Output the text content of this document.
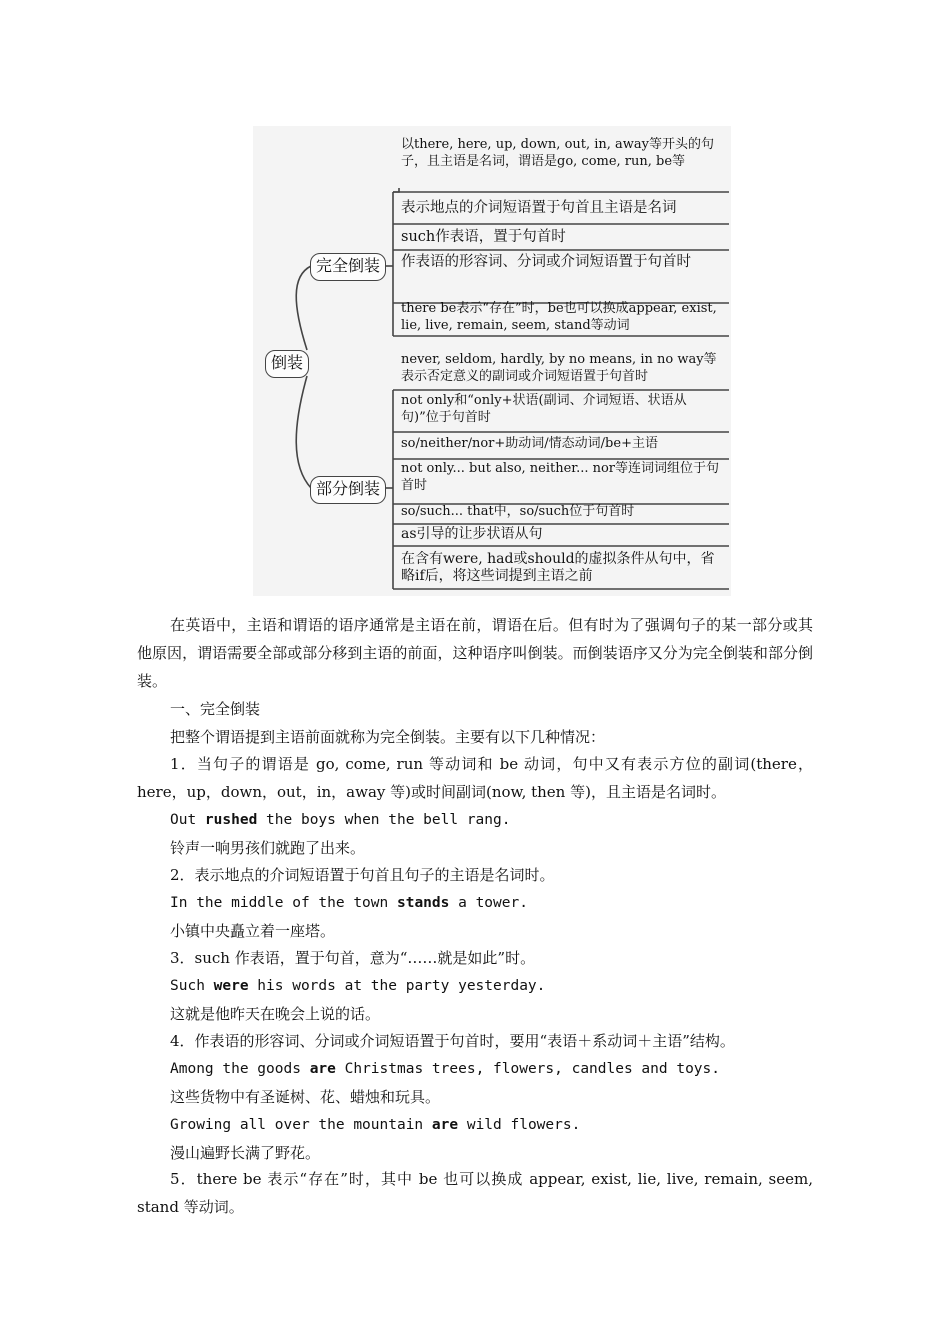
倒装
完全倒装
部分倒装
以there, here, up, down, out, in, away等开头的句子，且主语是名词，谓语是go, come, run, be等
表示地点的介词短语置于句首且主语是名词
such作表语，置于句首时
作表语的形容词、分词或介词短语置于句首时
there be表示“存在”时，be也可以换成appear, exist, lie, live, remain, seem, stand等动词
never, seldom, hardly, by no means, in no way等表示否定意义的副词或介词短语置于句首时
not only和“only+状语(副词、介词短语、状语从句)”位于句首时
so/neither/nor+助动词/情态动词/be+主语
not only... but also, neither... nor等连词词组位于句首时
so/such... that中，so/such位于句首时
as引导的让步状语从句
在含有were, had或should的虚拟条件从句中，省略if后，将这些词提到主语之前
在英语中，主语和谓语的语序通常是主语在前，谓语在后。但有时为了强调句子的某一部分或其他原因，谓语需要全部或部分移到主语的前面，这种语序叫倒装。而倒装语序又分为完全倒装和部分倒装。
一、完全倒装
把整个谓语提到主语前面就称为完全倒装。主要有以下几种情况：
1．当句子的谓语是 go, come, run 等动词和 be 动词，句中又有表示方位的副词(there，here，up，down，out，in，away 等)或时间副词(now, then 等)，且主语是名词时。
Out rushed the boys when the bell rang.
铃声一响男孩们就跑了出来。
2．表示地点的介词短语置于句首且句子的主语是名词时。
In the middle of the town stands a tower.
小镇中央矗立着一座塔。
3．such 作表语，置于句首，意为“……就是如此”时。
Such were his words at the party yesterday.
这就是他昨天在晚会上说的话。
4．作表语的形容词、分词或介词短语置于句首时，要用“表语＋系动词＋主语”结构。
Among the goods are Christmas trees, flowers, candles and toys.
这些货物中有圣诞树、花、蜡烛和玩具。
Growing all over the mountain are wild flowers.
漫山遍野长满了野花。
5．there be 表示“存在”时，其中 be 也可以换成 appear, exist, lie, live, remain, seem, stand 等动词。
